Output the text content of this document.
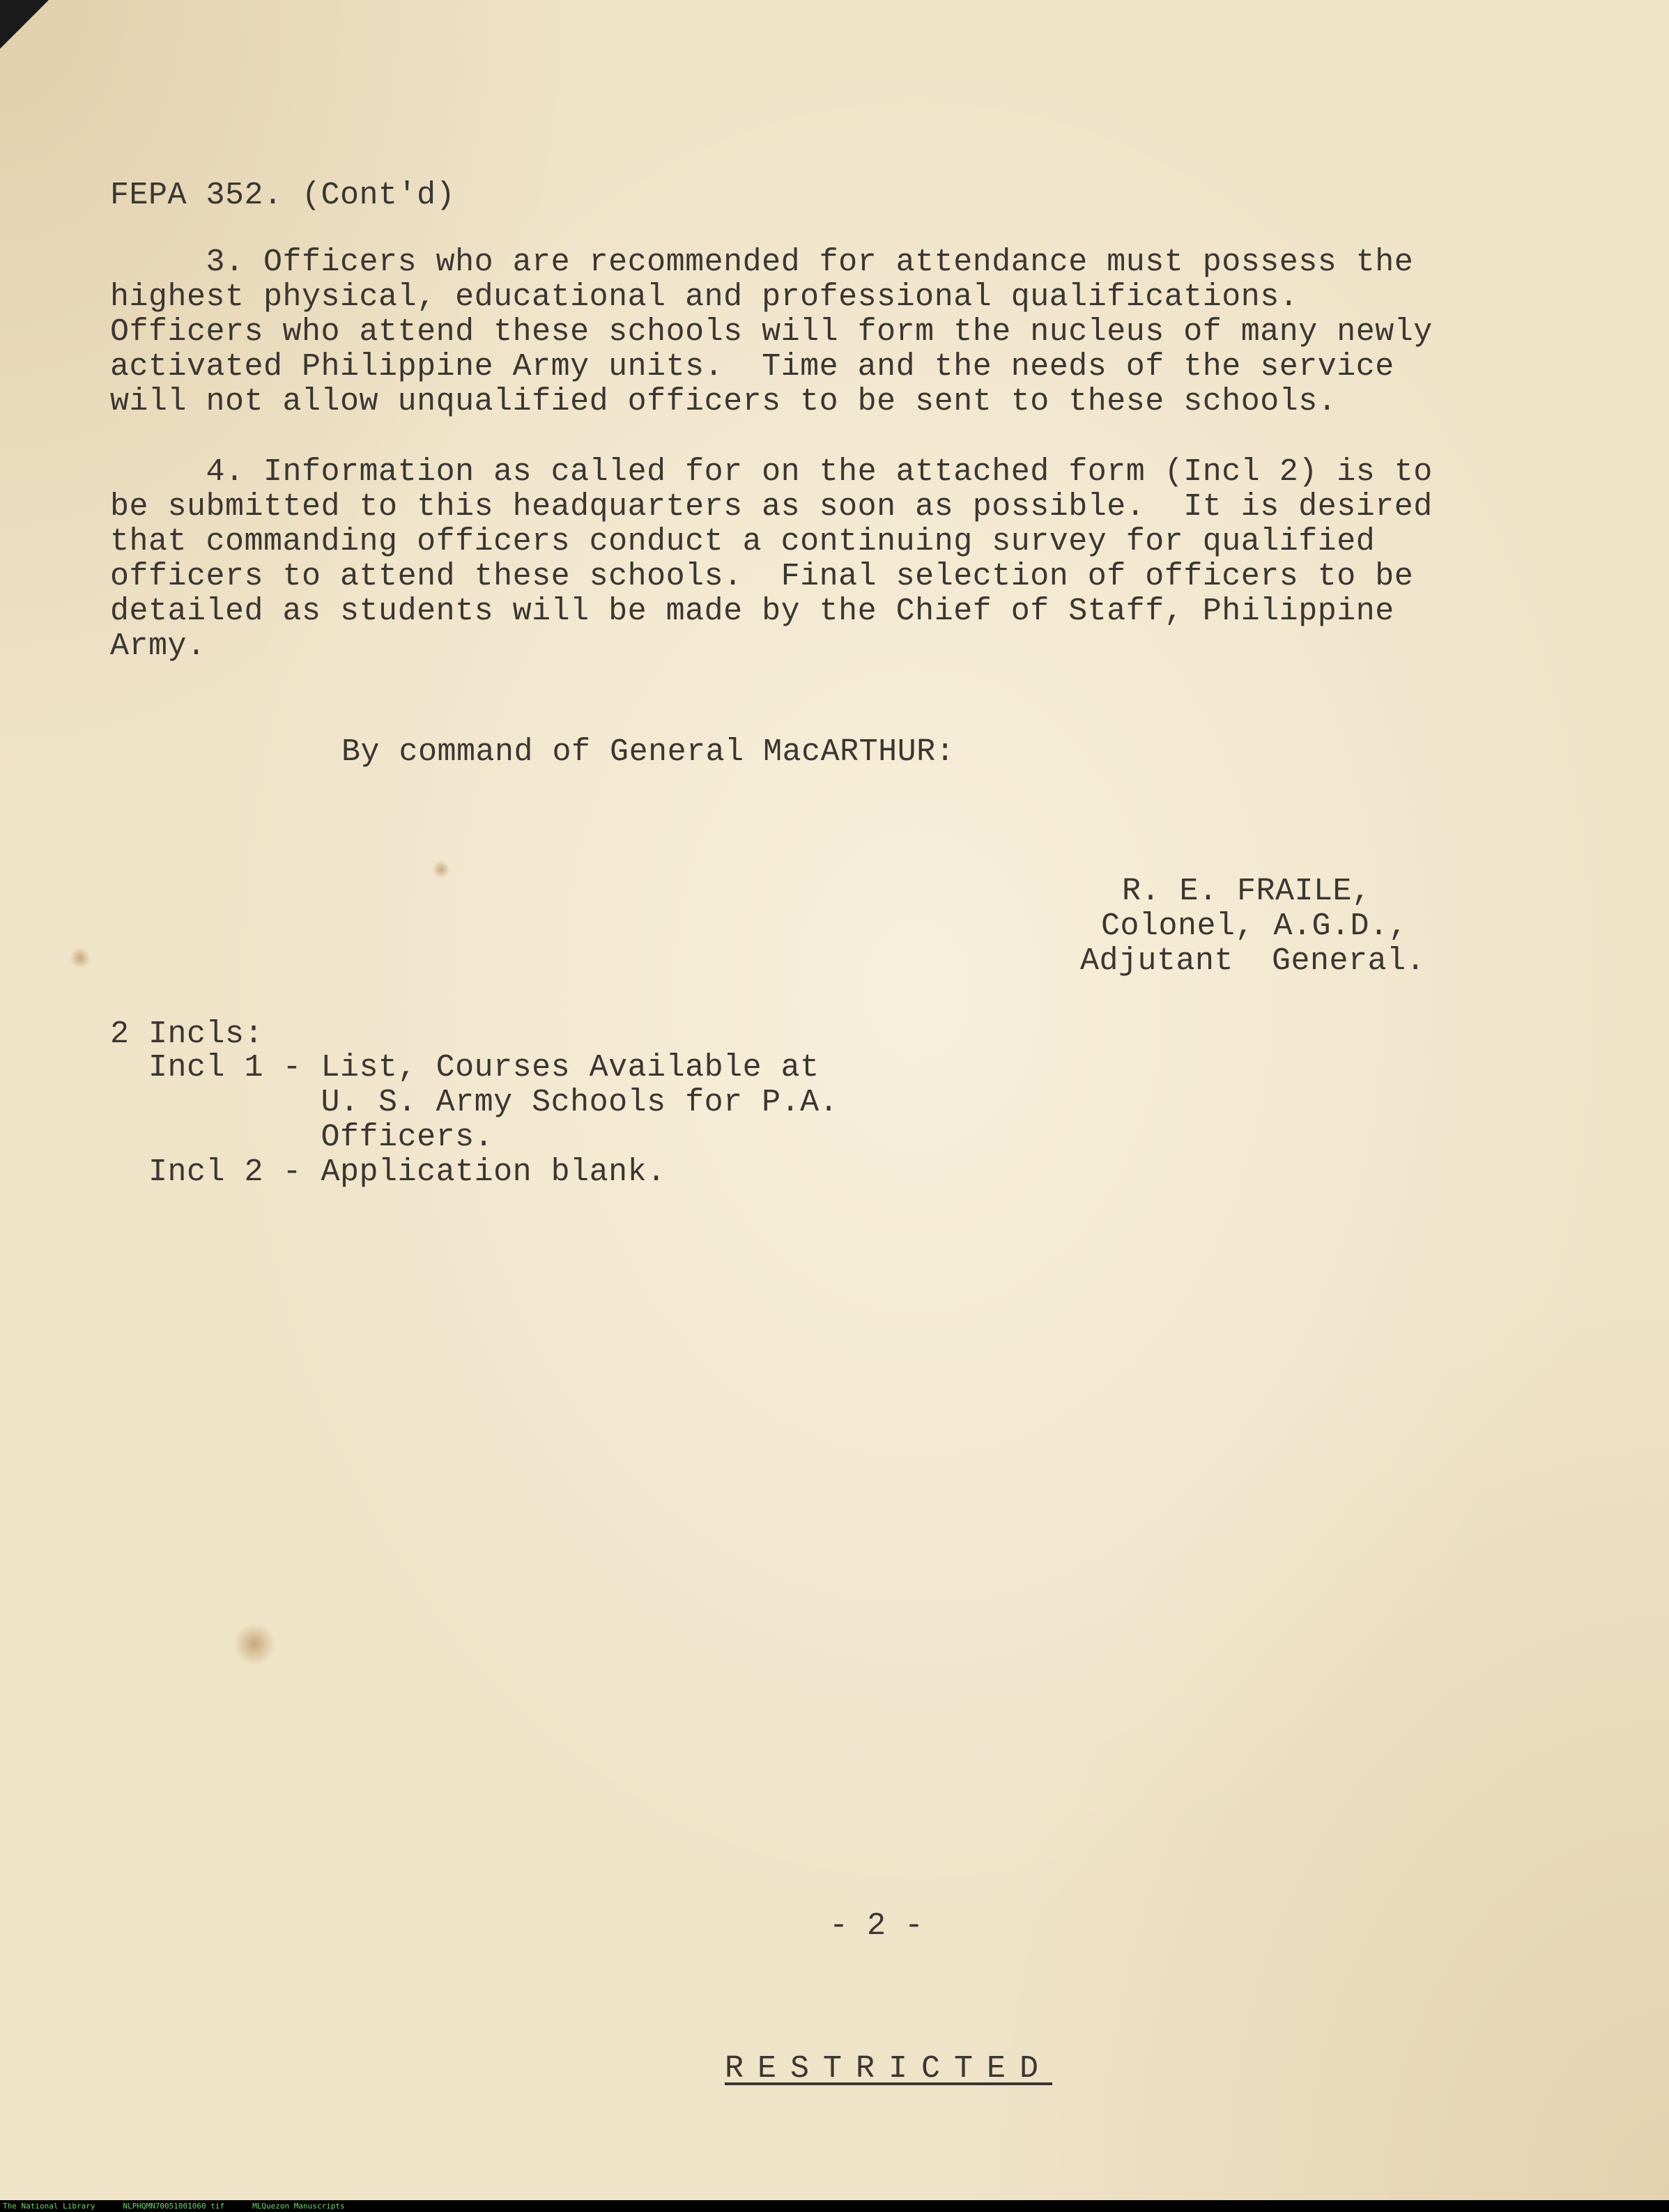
FEPA 352. (Cont'd)
3. Officers who are recommended for attendance must possess the
highest physical, educational and professional qualifications.
Officers who attend these schools will form the nucleus of many newly
activated Philippine Army units.  Time and the needs of the service
will not allow unqualified officers to be sent to these schools.
4. Information as called for on the attached form (Incl 2) is to
be submitted to this headquarters as soon as possible.  It is desired
that commanding officers conduct a continuing survey for qualified
officers to attend these schools.  Final selection of officers to be
detailed as students will be made by the Chief of Staff, Philippine
Army.
By command of General MacARTHUR:
R. E. FRAILE,
Colonel, A.G.D.,
Adjutant  General.
2 Incls:
Incl 1 - List, Courses Available at
U. S. Army Schools for P.A.
Officers.
Incl 2 - Application blank.
- 2 -
RESTRICTED
The National Library	NLPHQMN70051001060 tif	MLQuezon Manuscripts
